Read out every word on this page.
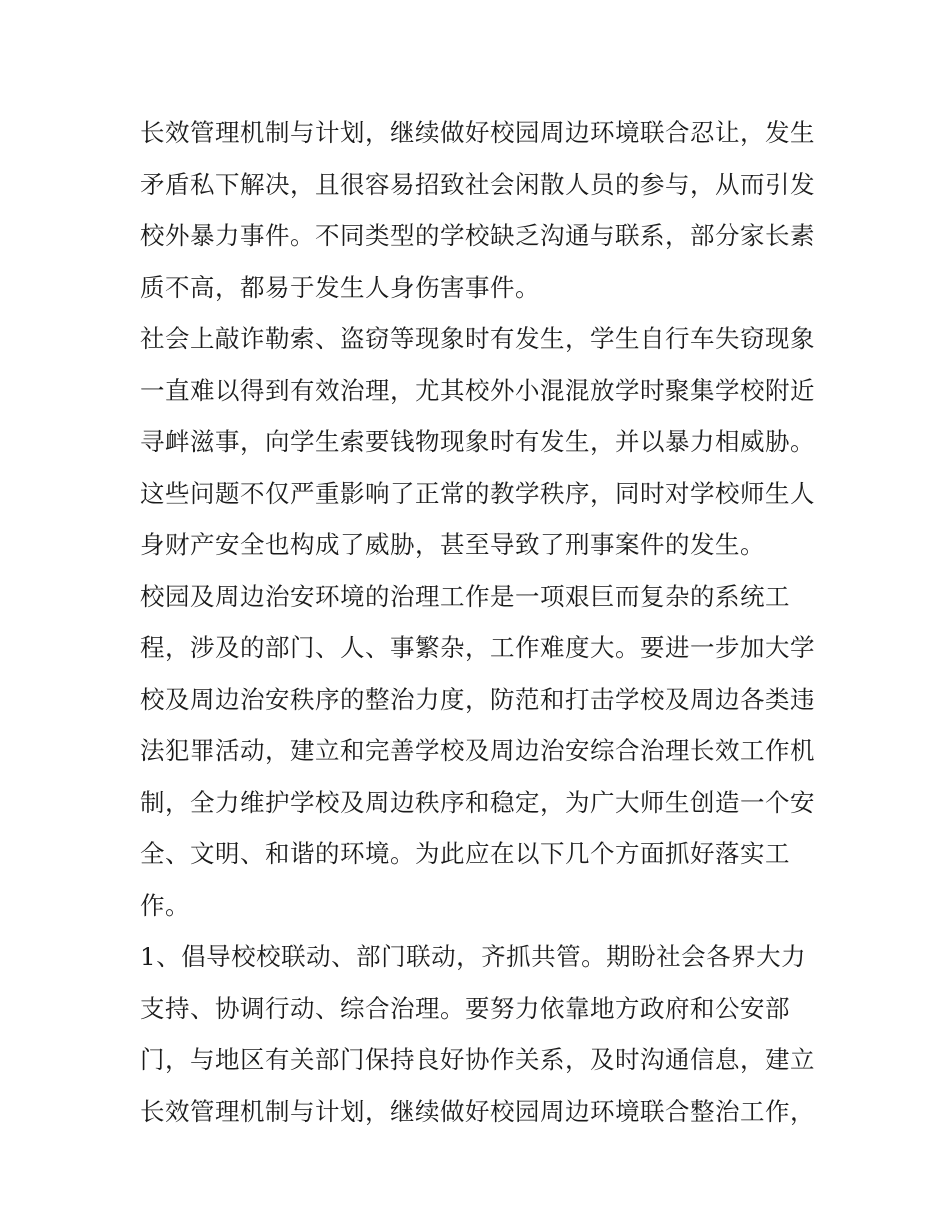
长效管理机制与计划，继续做好校园周边环境联合忍让，发生
矛盾私下解决，且很容易招致社会闲散人员的参与，从而引发
校外暴力事件。不同类型的学校缺乏沟通与联系，部分家长素
质不高，都易于发生人身伤害事件。
社会上敲诈勒索、盗窃等现象时有发生，学生自行车失窃现象
一直难以得到有效治理，尤其校外小混混放学时聚集学校附近
寻衅滋事，向学生索要钱物现象时有发生，并以暴力相威胁。
这些问题不仅严重影响了正常的教学秩序，同时对学校师生人
身财产安全也构成了威胁，甚至导致了刑事案件的发生。
校园及周边治安环境的治理工作是一项艰巨而复杂的系统工
程，涉及的部门、人、事繁杂，工作难度大。要进一步加大学
校及周边治安秩序的整治力度，防范和打击学校及周边各类违
法犯罪活动，建立和完善学校及周边治安综合治理长效工作机
制，全力维护学校及周边秩序和稳定，为广大师生创造一个安
全、文明、和谐的环境。为此应在以下几个方面抓好落实工
作。
1、倡导校校联动、部门联动，齐抓共管。期盼社会各界大力
支持、协调行动、综合治理。要努力依靠地方政府和公安部
门，与地区有关部门保持良好协作关系，及时沟通信息，建立
长效管理机制与计划，继续做好校园周边环境联合整治工作，
